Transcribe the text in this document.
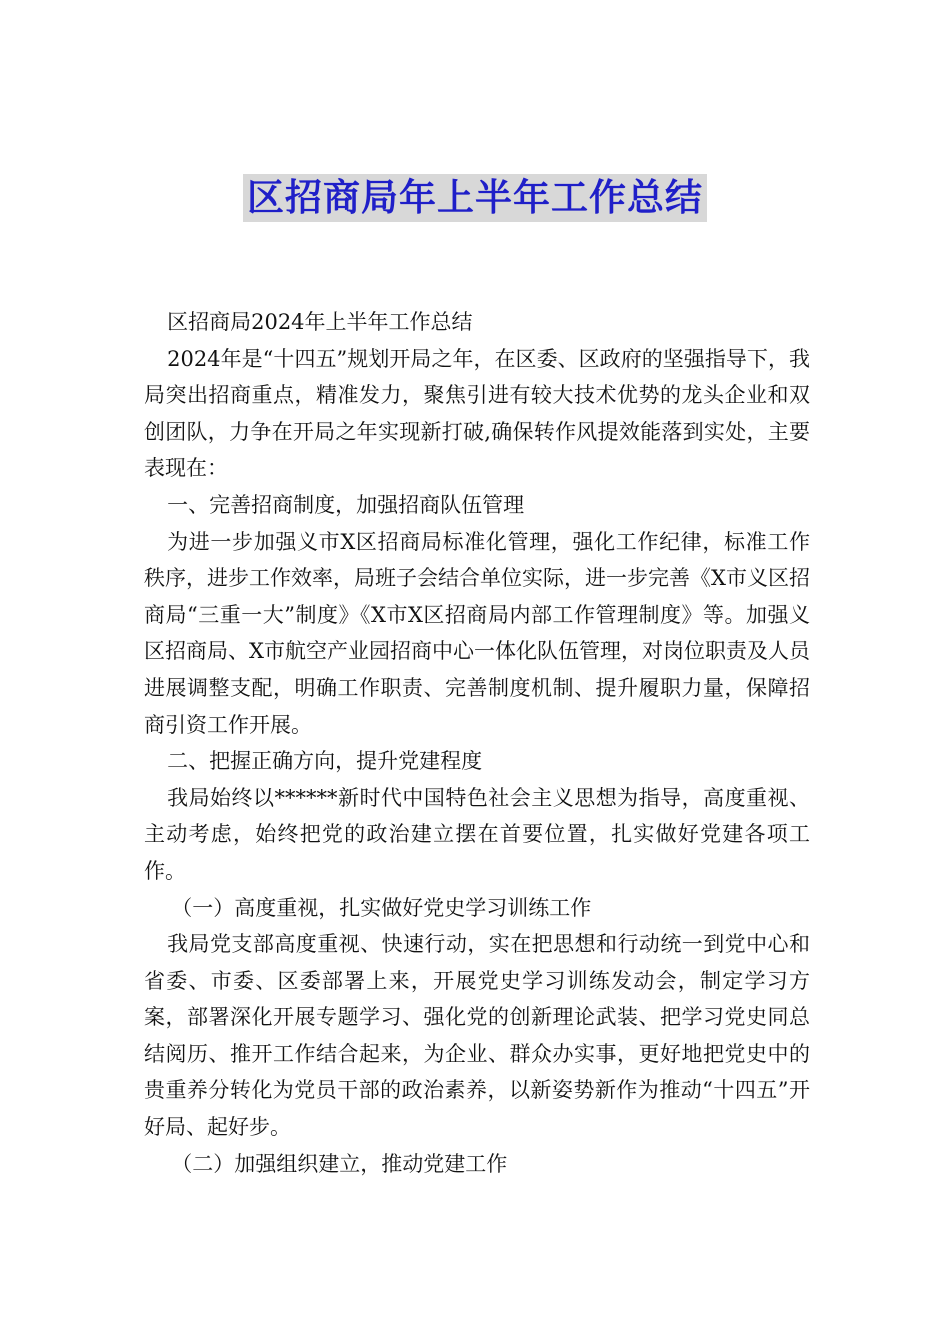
区招商局年上半年工作总结

区招商局2024年上半年工作总结

2024年是“十四五”规划开局之年，在区委、区政府的坚强指导下，我局突出招商重点，精准发力，聚焦引进有较大技术优势的龙头企业和双创团队，力争在开局之年实现新打破,确保转作风提效能落到实处，主要表现在：

一、完善招商制度，加强招商队伍管理

为进一步加强义市X区招商局标准化管理，强化工作纪律，标准工作秩序，进步工作效率，局班子会结合单位实际，进一步完善《X市义区招商局“三重一大”制度》《X市X区招商局内部工作管理制度》等。加强义区招商局、X市航空产业园招商中心一体化队伍管理，对岗位职责及人员进展调整支配，明确工作职责、完善制度机制、提升履职力量，保障招商引资工作开展。

二、把握正确方向，提升党建程度

我局始终以******新时代中国特色社会主义思想为指导，高度重视、主动考虑，始终把党的政治建立摆在首要位置，扎实做好党建各项工作。

（一）高度重视，扎实做好党史学习训练工作

我局党支部高度重视、快速行动，实在把思想和行动统一到党中心和省委、市委、区委部署上来，开展党史学习训练发动会，制定学习方案，部署深化开展专题学习、强化党的创新理论武装、把学习党史同总结阅历、推开工作结合起来，为企业、群众办实事，更好地把党史中的贵重养分转化为党员干部的政治素养，以新姿势新作为推动“十四五”开好局、起好步。

（二）加强组织建立，推动党建工作
